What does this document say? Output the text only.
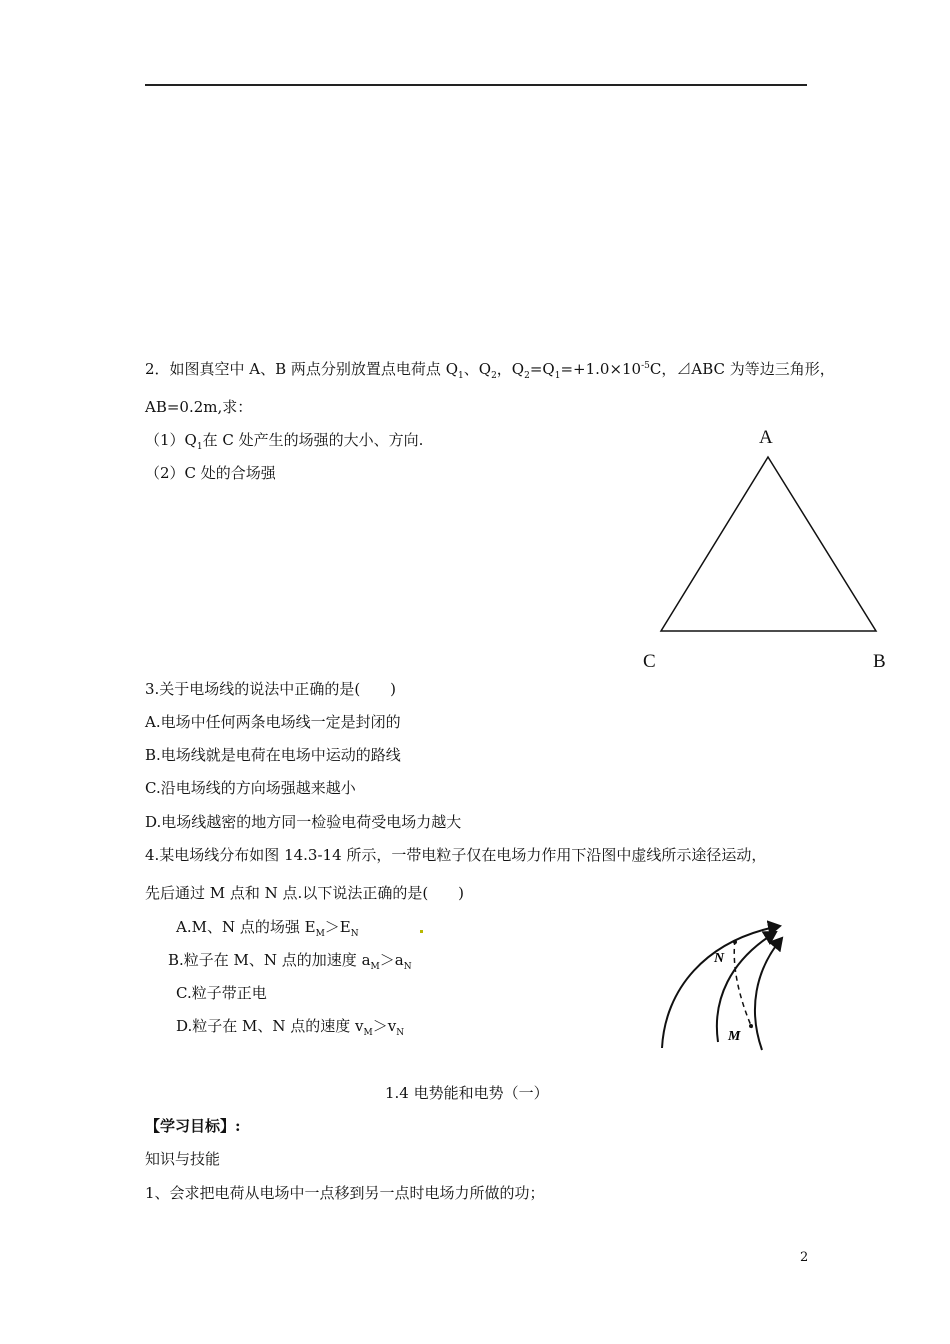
2．如图真空中 A、B 两点分别放置点电荷点 $Q_1$、$Q_2$，$Q_2=Q_1=+1.0\times 10^{-5}C$，⊿ABC 为等边三角形，
AB=0.2m,求：
$(1)Q_1$在 C 处产生的场强的大小、方向.
（2）C 处的合场强
A
C	B
3.关于电场线的说法中正确的是(　　)
A.电场中任何两条电场线一定是封闭的
B.电场线就是电荷在电场中运动的路线
C.沿电场线的方向场强越来越小
D.电场线越密的地方同一检验电荷受电场力越大
4.某电场线分布如图 14.3-14 所示，一带电粒子仅在电场力作用下沿图中虚线所示途径运动，
先后通过 M 点和 N 点.以下说法正确的是(　　)
A.M、N 点的场强 $E_M>E_N$
B.粒子在 M、N 点的加速度 $a_M>a_N$
C.粒子带正电
D.粒子在 M、N 点的速度 $v_M>v_N$
N
M
1.4 电势能和电势（一）
【学习目标】:
知识与技能
1、会求把电荷从电场中一点移到另一点时电场力所做的功；
2
